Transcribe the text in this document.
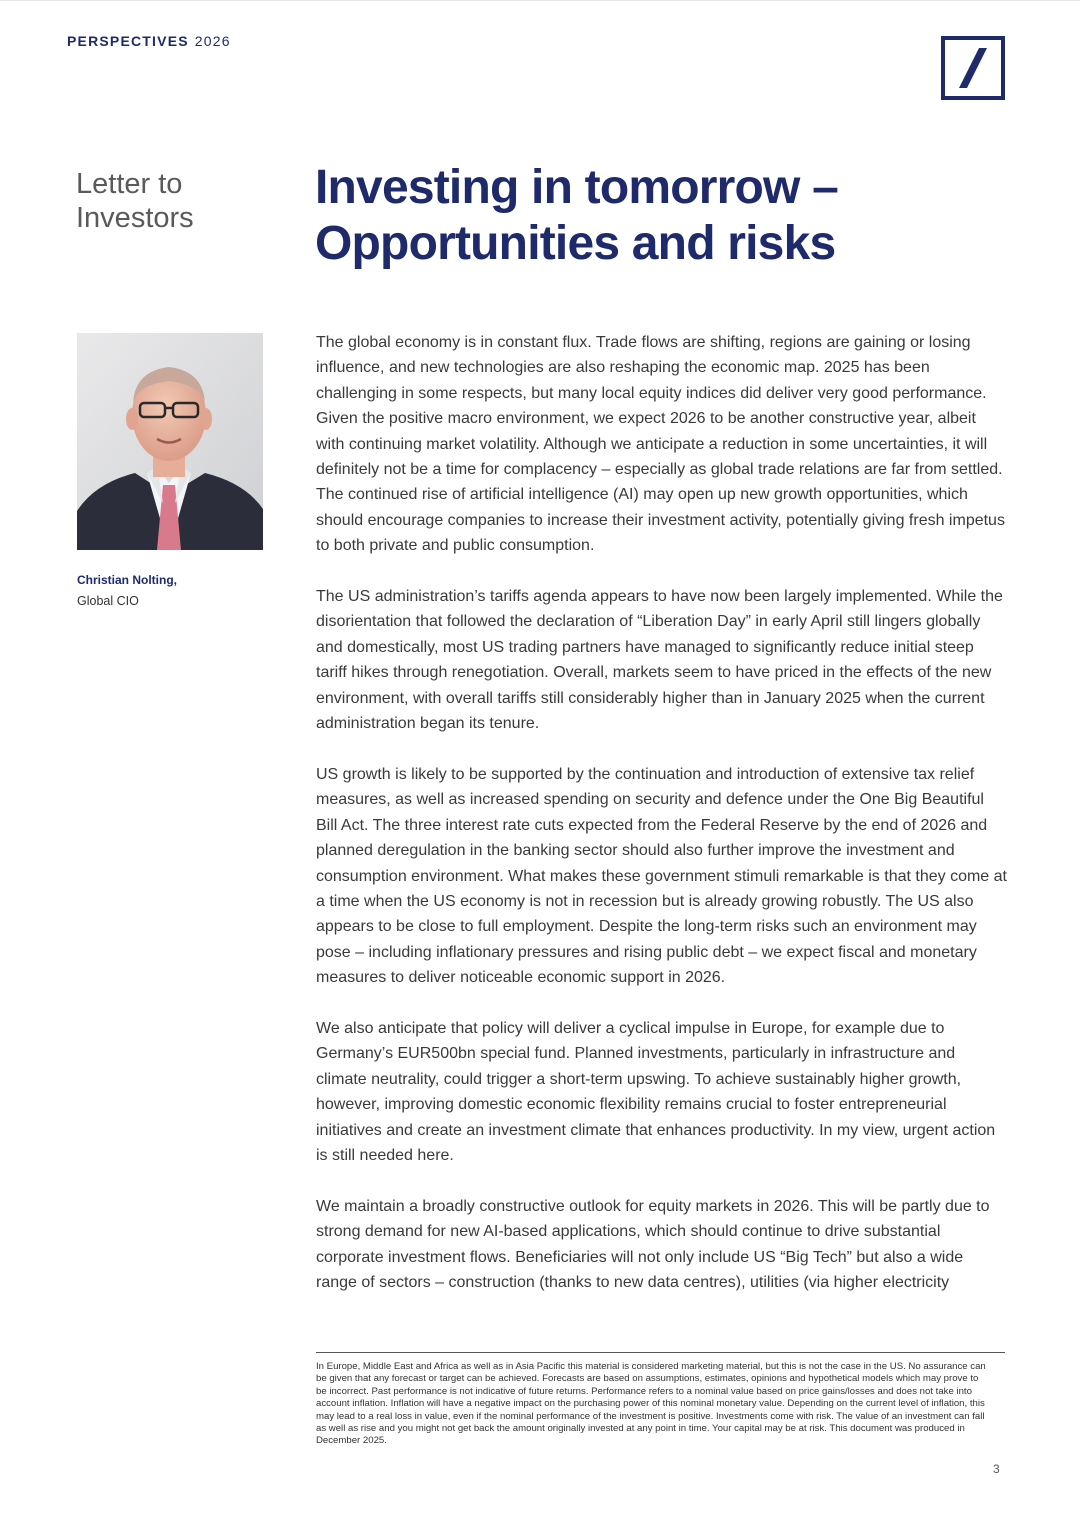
PERSPECTIVES 2026
Letter to
Investors
Investing in tomorrow –
Opportunities and risks
Christian Nolting,
Global CIO

The global economy is in constant flux. Trade flows are shifting, regions are gaining or losing influence, and new technologies are also reshaping the economic map. 2025 has been challenging in some respects, but many local equity indices did deliver very good performance. Given the positive macro environment, we expect 2026 to be another constructive year, albeit with continuing market volatility. Although we anticipate a reduction in some uncertainties, it will definitely not be a time for complacency – especially as global trade relations are far from settled. The continued rise of artificial intelligence (AI) may open up new growth opportunities, which should encourage companies to increase their investment activity, potentially giving fresh impetus to both private and public consumption.

The US administration’s tariffs agenda appears to have now been largely implemented. While the disorientation that followed the declaration of “Liberation Day” in early April still lingers globally and domestically, most US trading partners have managed to significantly reduce initial steep tariff hikes through renegotiation. Overall, markets seem to have priced in the effects of the new environment, with overall tariffs still considerably higher than in January 2025 when the current administration began its tenure.

US growth is likely to be supported by the continuation and introduction of extensive tax relief measures, as well as increased spending on security and defence under the One Big Beautiful Bill Act. The three interest rate cuts expected from the Federal Reserve by the end of 2026 and planned deregulation in the banking sector should also further improve the investment and consumption environment. What makes these government stimuli remarkable is that they come at a time when the US economy is not in recession but is already growing robustly. The US also appears to be close to full employment. Despite the long-term risks such an environment may pose – including inflationary pressures and rising public debt – we expect fiscal and monetary measures to deliver noticeable economic support in 2026.

We also anticipate that policy will deliver a cyclical impulse in Europe, for example due to Germany’s EUR500bn special fund. Planned investments, particularly in infrastructure and climate neutrality, could trigger a short-term upswing. To achieve sustainably higher growth, however, improving domestic economic flexibility remains crucial to foster entrepreneurial initiatives and create an investment climate that enhances productivity. In my view, urgent action is still needed here.

We maintain a broadly constructive outlook for equity markets in 2026. This will be partly due to strong demand for new AI-based applications, which should continue to drive substantial corporate investment flows. Beneficiaries will not only include US “Big Tech” but also a wide range of sectors – construction (thanks to new data centres), utilities (via higher electricity

In Europe, Middle East and Africa as well as in Asia Pacific this material is considered marketing material, but this is not the case in the US. No assurance can be given that any forecast or target can be achieved. Forecasts are based on assumptions, estimates, opinions and hypothetical models which may prove to be incorrect. Past performance is not indicative of future returns. Performance refers to a nominal value based on price gains/losses and does not take into account inflation. Inflation will have a negative impact on the purchasing power of this nominal monetary value. Depending on the current level of inflation, this may lead to a real loss in value, even if the nominal performance of the investment is positive. Investments come with risk. The value of an investment can fall as well as rise and you might not get back the amount originally invested at any point in time. Your capital may be at risk. This document was produced in December 2025.

3
